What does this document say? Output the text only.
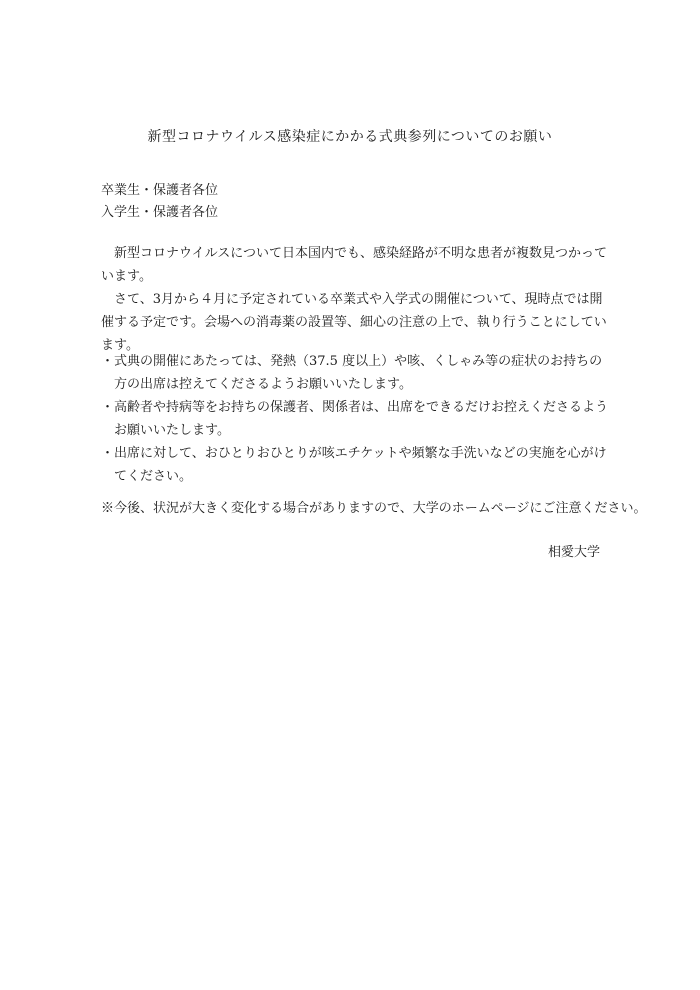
新型コロナウイルス感染症にかかる式典参列についてのお願い
卒業生・保護者各位
入学生・保護者各位

新型コロナウイルスについて日本国内でも、感染経路が不明な患者が複数見つかっています。

さて、3月から４月に予定されている卒業式や入学式の開催について、現時点では開催する予定です。会場への消毒薬の設置等、細心の注意の上で、執り行うことにしています。

・式典の開催にあたっては、発熱（37.5 度以上）や咳、くしゃみ等の症状のお持ちの方の出席は控えてくださるようお願いいたします。

・高齢者や持病等をお持ちの保護者、関係者は、出席をできるだけお控えくださるようお願いいたします。

・出席に対して、おひとりおひとりが咳エチケットや頻繁な手洗いなどの実施を心がけてください。

※今後、状況が大きく変化する場合がありますので、大学のホームページにご注意ください。
相愛大学
